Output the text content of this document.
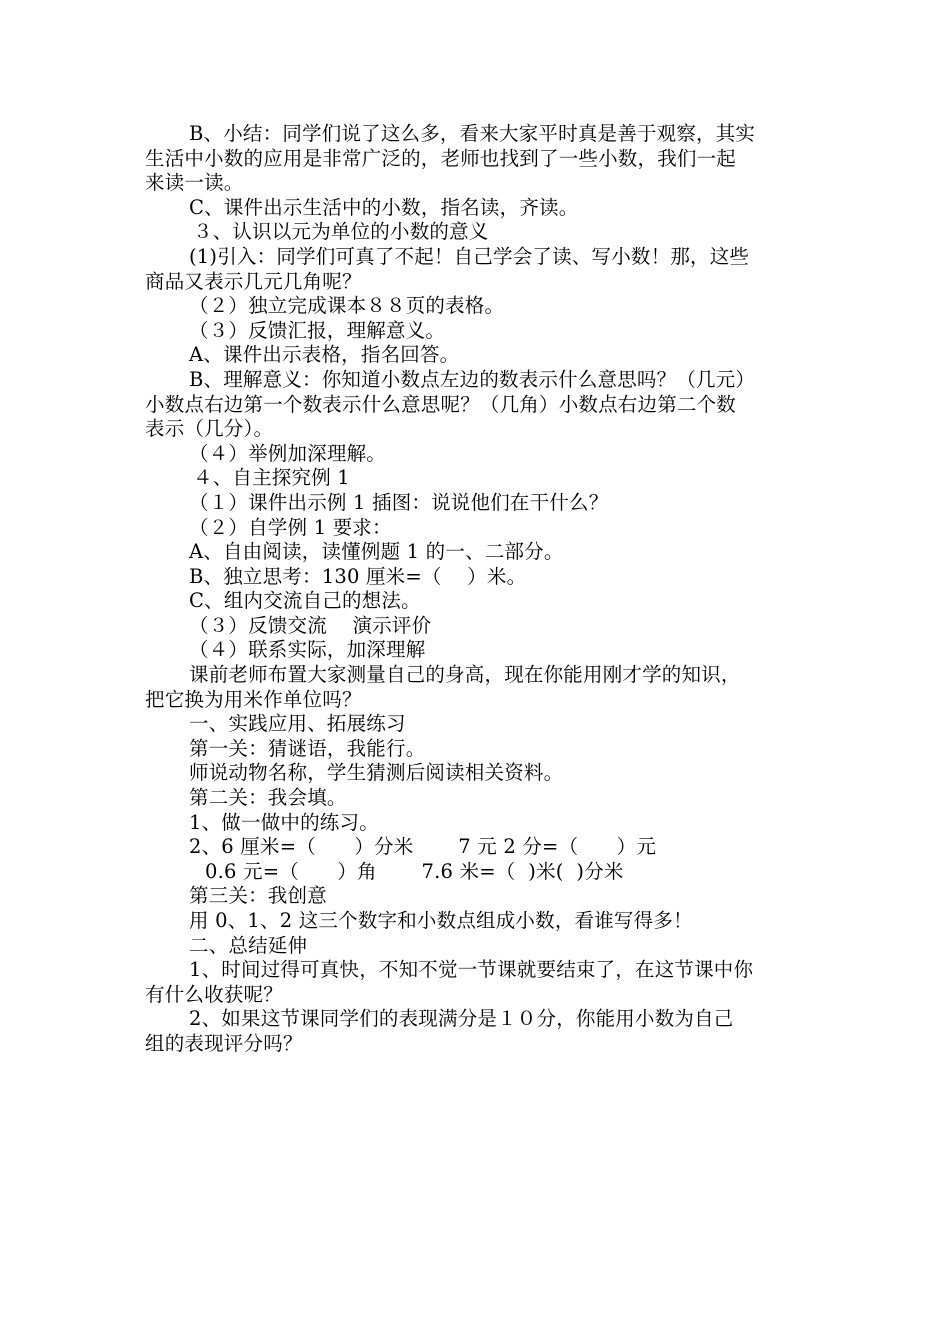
B、小结：同学们说了这么多，看来大家平时真是善于观察，其实
生活中小数的应用是非常广泛的，老师也找到了一些小数，我们一起
来读一读。
C、课件出示生活中的小数，指名读，齐读。
３、认识以元为单位的小数的意义
(1)引入：同学们可真了不起！自己学会了读、写小数！那，这些
商品又表示几元几角呢？
（２）独立完成课本８８页的表格。
（３）反馈汇报，理解意义。
A、课件出示表格，指名回答。
B、理解意义：你知道小数点左边的数表示什么意思吗？（几元）
小数点右边第一个数表示什么意思呢？（几角）小数点右边第二个数
表示（几分）。
（４）举例加深理解。
４、自主探究例 1
（１）课件出示例 1 插图：说说他们在干什么？
（２）自学例 1 要求：
A、自由阅读，读懂例题 1 的一、二部分。
B、独立思考：130 厘米=（    ）米。
C、组内交流自己的想法。
（３）反馈交流    演示评价
（４）联系实际，加深理解
课前老师布置大家测量自己的身高，现在你能用刚才学的知识，
把它换为用米作单位吗？
一、实践应用、拓展练习
第一关：猜谜语，我能行。
师说动物名称，学生猜测后阅读相关资料。
第二关：我会填。
1、做一做中的练习。
2、6 厘米=（      ）分米       7 元 2 分=（      ）元
0.6 元=（      ）角       7.6 米=（  )米(  )分米
第三关：我创意
用 0、1、2 这三个数字和小数点组成小数，看谁写得多！
二、总结延伸
1、时间过得可真快，不知不觉一节课就要结束了，在这节课中你
有什么收获呢？
2、如果这节课同学们的表现满分是１０分，你能用小数为自己
组的表现评分吗？
